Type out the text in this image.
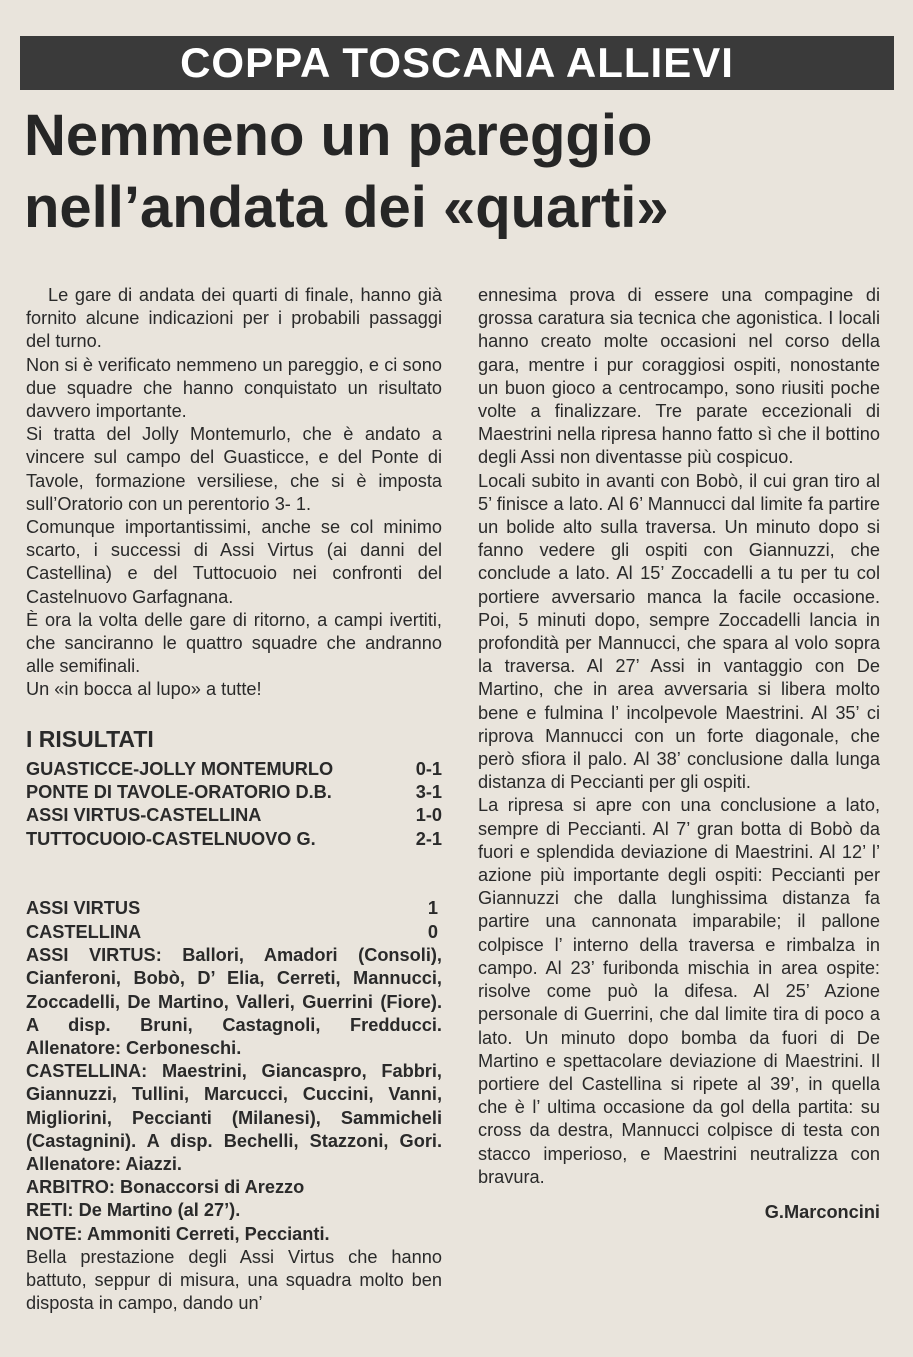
COPPA TOSCANA ALLIEVI
Nemmeno un pareggio
nell’andata dei «quarti»

Le gare di andata dei quarti di finale, hanno già fornito alcune indicazioni per i probabili passaggi del turno.

Non si è verificato nemmeno un pareggio, e ci sono due squadre che hanno conquistato un risultato davvero importante.

Si tratta del Jolly Montemurlo, che è andato a vincere sul campo del Guasticce, e del Ponte di Tavole, formazione versiliese, che si è imposta sull’Oratorio con un perentorio 3- 1.

Comunque importantissimi, anche se col minimo scarto, i successi di Assi Virtus (ai danni del Castellina) e del Tuttocuoio nei confronti del Castelnuovo Garfagnana.

È ora la volta delle gare di ritorno, a campi ivertiti, che sanciranno le quattro squadre che andranno alle semifinali.

Un «in bocca al lupo» a tutte!

I RISULTATI
GUASTICCE-JOLLY MONTEMURLO	0-1
PONTE DI TAVOLE-ORATORIO D.B.	3-1
ASSI VIRTUS-CASTELLINA	1-0
TUTTOCUOIO-CASTELNUOVO G.	2-1
ASSI VIRTUS	1
CASTELLINA	0

ASSI VIRTUS: Ballori, Amadori (Consoli), Cianferoni, Bobò, D’ Elia, Cerreti, Mannucci, Zoccadelli, De Martino, Valleri, Guerrini (Fiore). A disp. Bruni, Castagnoli, Fredducci. Allenatore: Cerboneschi.

CASTELLINA: Maestrini, Giancaspro, Fabbri, Giannuzzi, Tullini, Marcucci, Cuccini, Vanni, Migliorini, Peccianti (Milanesi), Sammicheli (Castagnini). A disp. Bechelli, Stazzoni, Gori. Allenatore: Aiazzi.

ARBITRO: Bonaccorsi di Arezzo

RETI: De Martino (al 27’).

NOTE: Ammoniti Cerreti, Peccianti.

Bella prestazione degli Assi Virtus che hanno battuto, seppur di misura, una squadra molto ben disposta in campo, dando un’

ennesima prova di essere una compagine di grossa caratura sia tecnica che agonistica. I locali hanno creato molte occasioni nel corso della gara, mentre i pur coraggiosi ospiti, nonostante un buon gioco a centrocampo, sono riusiti poche volte a finalizzare. Tre parate eccezionali di Maestrini nella ripresa hanno fatto sì che il bottino degli Assi non diventasse più cospicuo.

Locali subito in avanti con Bobò, il cui gran tiro al 5’ finisce a lato. Al 6’ Mannucci dal limite fa partire un bolide alto sulla traversa. Un minuto dopo si fanno vedere gli ospiti con Giannuzzi, che conclude a lato. Al 15’ Zoccadelli a tu per tu col portiere avversario manca la facile occasione. Poi, 5 minuti dopo, sempre Zoccadelli lancia in profondità per Mannucci, che spara al volo sopra la traversa. Al 27’ Assi in vantaggio con De Martino, che in area avversaria si libera molto bene e fulmina l’ incolpevole Maestrini. Al 35’ ci riprova Mannucci con un forte diagonale, che però sfiora il palo. Al 38’ conclusione dalla lunga distanza di Peccianti per gli ospiti.

La ripresa si apre con una conclusione a lato, sempre di Peccianti. Al 7’ gran botta di Bobò da fuori e splendida deviazione di Maestrini. Al 12’ l’ azione più importante degli ospiti: Peccianti per Giannuzzi che dalla lunghissima distanza fa partire una cannonata imparabile; il pallone colpisce l’ interno della traversa e rimbalza in campo. Al 23’ furibonda mischia in area ospite: risolve come può la difesa. Al 25’ Azione personale di Guerrini, che dal limite tira di poco a lato. Un minuto dopo bomba da fuori di De Martino e spettacolare deviazione di Maestrini. Il portiere del Castellina si ripete al 39’, in quella che è l’ ultima occasione da gol della partita: su cross da destra, Mannucci colpisce di testa con stacco imperioso, e Maestrini neutralizza con bravura.

G.Marconcini
